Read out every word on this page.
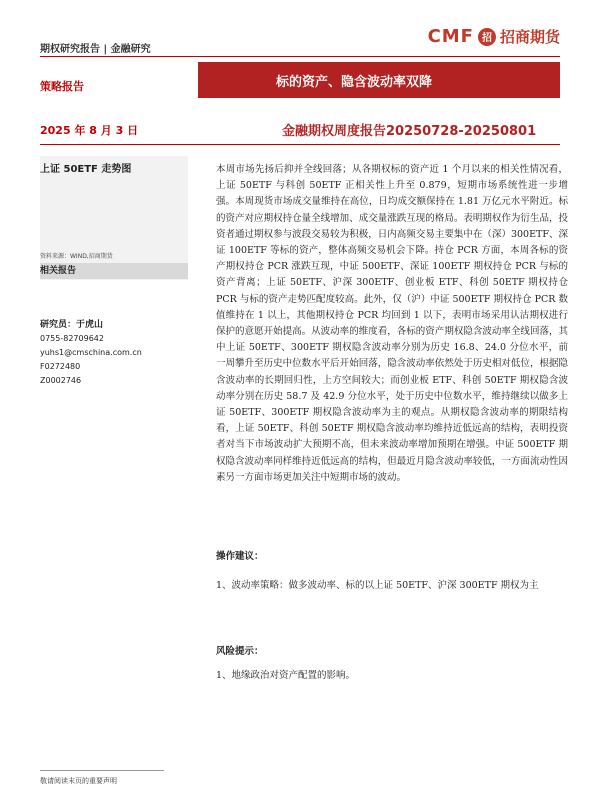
期权研究报告 | 金融研究
CMF 招 招商期货
策略报告	标的资产、隐含波动率双降
2025 年 8 月 3 日	金融期权周度报告20250728-20250801
上证 50ETF 走势图
资料来源：WIND,招商期货
相关报告
研究员：于虎山
0755-82709642
yuhs1@cmschina.com.cn
F0272480
Z0002746

本周市场先扬后抑并全线回落；从各期权标的资产近 1 个月以来的相关性情况看，上证 50ETF 与科创 50ETF 正相关性上升至 0.879，短期市场系统性进一步增强。本周现货市场成交量维持在高位，日均成交额保持在 1.81 万亿元水平附近。标的资产对应期权持仓量全线增加、成交量涨跌互现的格局。表明期权作为衍生品，投资者通过期权参与波段交易较为积极，日内高频交易主要集中在（深）300ETF、深证 100ETF 等标的资产，整体高频交易机会下降。持仓 PCR 方面，本周各标的资产期权持仓 PCR 涨跌互现，中证 500ETF、深证 100ETF 期权持仓 PCR 与标的资产背离；上证 50ETF、沪深 300ETF、创业板 ETF、科创 50ETF 期权持仓 PCR 与标的资产走势匹配度较高。此外，仅（沪）中证 500ETF 期权持仓 PCR 数值维持在 1 以上，其他期权持仓 PCR 均回到 1 以下，表明市场采用认沽期权进行保护的意愿开始提高。从波动率的维度看，各标的资产期权隐含波动率全线回落，其中上证 50ETF、300ETF 期权隐含波动率分别为历史 16.8、24.0 分位水平，前一周攀升至历史中位数水平后开始回落，隐含波动率依然处于历史相对低位，根据隐含波动率的长期回归性，上方空间较大；而创业板 ETF、科创 50ETF 期权隐含波动率分别在历史 58.7 及 42.9 分位水平，处于历史中位数水平，维持继续以做多上证 50ETF、300ETF 期权隐含波动率为主的观点。从期权隐含波动率的期限结构看，上证 50ETF、科创 50ETF 期权隐含波动率均维持近低远高的结构，表明投资者对当下市场波动扩大预期不高，但未来波动率增加预期在增强。中证 500ETF 期权隐含波动率同样维持近低远高的结构，但最近月隐含波动率较低，一方面流动性因素另一方面市场更加关注中短期市场的波动。

操作建议：
1、波动率策略：做多波动率、标的以上证 50ETF、沪深 300ETF 期权为主
风险提示：
1、地缘政治对资产配置的影响。
敬请阅读末页的重要声明
